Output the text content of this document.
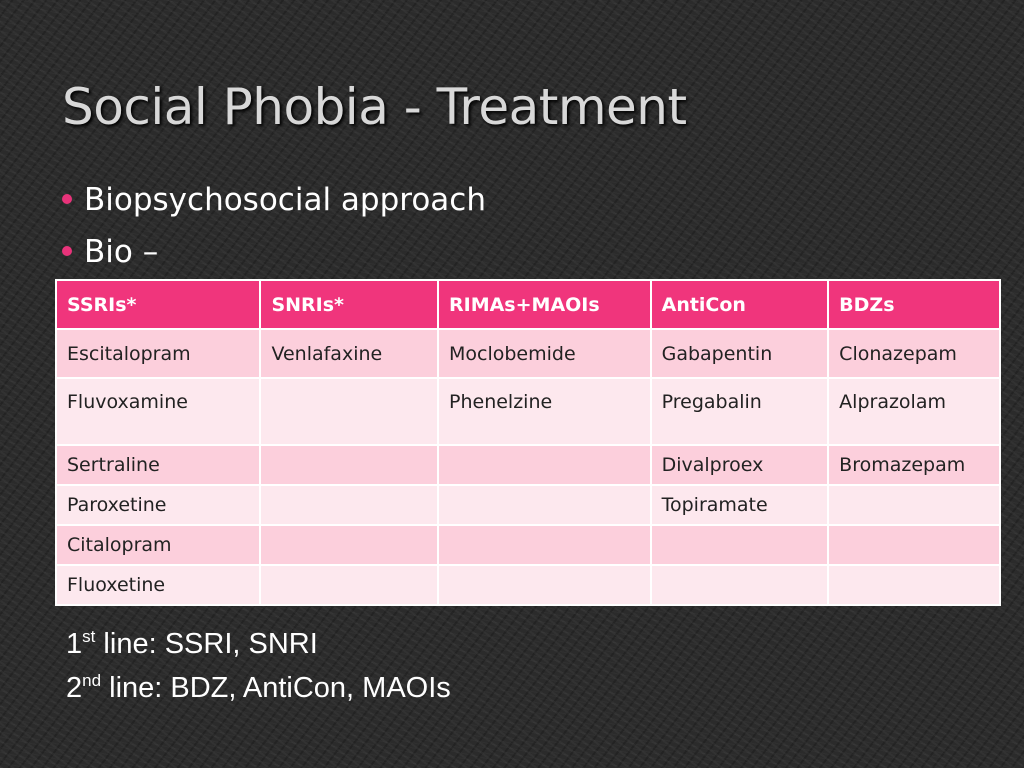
Social Phobia - Treatment
Biopsychosocial approach
Bio –
SSRIs*	SNRIs*	RIMAs+MAOIs	AntiCon	BDZs
Escitalopram	Venlafaxine	Moclobemide	Gabapentin	Clonazepam
Fluvoxamine		Phenelzine	Pregabalin	Alprazolam
Sertraline			Divalproex	Bromazepam
Paroxetine			Topiramate	
Citalopram				
Fluoxetine				
1st line: SSRI, SNRI
2nd line: BDZ, AntiCon, MAOIs
